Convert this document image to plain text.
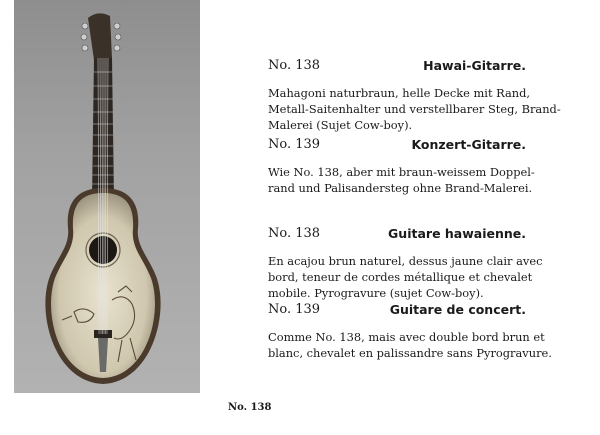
No. 138
No. 138	Hawai-Gitarre.
Mahagoni naturbraun, helle Decke mit Rand,
Metall-Saitenhalter und verstellbarer Steg, Brand-
Malerei (Sujet Cow-boy).
No. 139	Konzert-Gitarre.
Wie No. 138, aber mit braun-weissem Doppel-
rand und Palisandersteg ohne Brand-Malerei.
No. 138	Guitare hawaienne.
En acajou brun naturel, dessus jaune clair avec
bord, teneur de cordes métallique et chevalet
mobile. Pyrogravure (sujet Cow-boy).
No. 139	Guitare de concert.
Comme No. 138, mais avec double bord brun et
blanc, chevalet en palissandre sans Pyrogravure.
